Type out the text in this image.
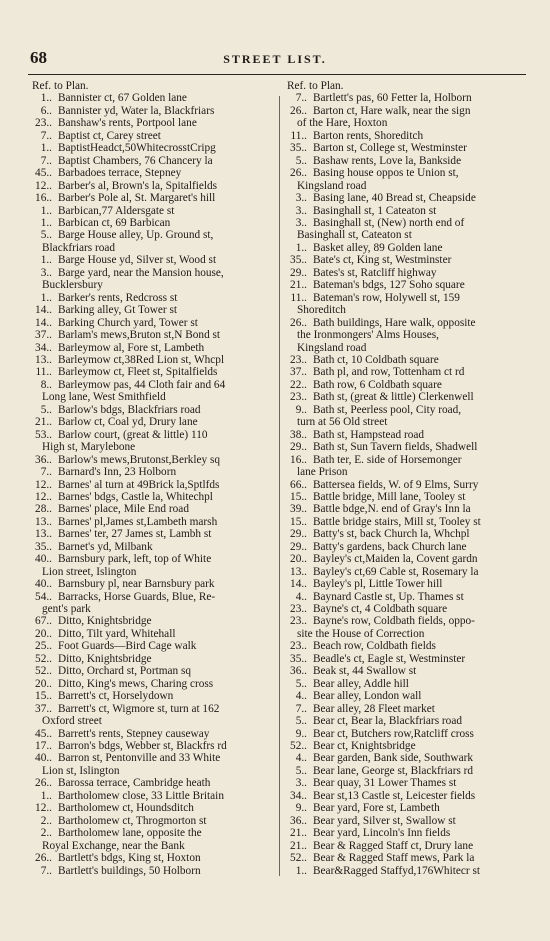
68	STREET LIST.
Ref. to Plan.
1.. Bannister ct, 67 Golden lane
6.. Bannister yd, Water la, Blackfriars
23.. Banshaw's rents, Portpool lane
7.. Baptist ct, Carey street
1.. BaptistHeadct,50WhitecrosstCripg
7.. Baptist Chambers, 76 Chancery la
45.. Barbadoes terrace, Stepney
12.. Barber's al, Brown's la, Spitalfields
16.. Barber's Pole al, St. Margaret's hill
1.. Barbican,77 Aldersgate st
1.. Barbican ct, 69 Barbican
5.. Barge House alley, Up. Ground st,
Blackfriars road
1.. Barge House yd, Silver st, Wood st
3.. Barge yard, near the Mansion house,
Bucklersbury
1.. Barker's rents, Redcross st
14.. Barking alley, Gt Tower st
14.. Barking Church yard, Tower st
37.. Barlam's mews,Bruton st,N Bond st
34.. Barleymow al, Fore st, Lambeth
13.. Barleymow ct,38Red Lion st, Whcpl
11.. Barleymow ct, Fleet st, Spitalfields
8.. Barleymow pas, 44 Cloth fair and 64
Long lane, West Smithfield
5.. Barlow's bdgs, Blackfriars road
21.. Barlow ct, Coal yd, Drury lane
53.. Barlow court, (great & little) 110
High st, Marylebone
36.. Barlow's mews,Brutonst,Berkley sq
7.. Barnard's Inn, 23 Holborn
12.. Barnes' al turn at 49Brick la,Sptlfds
12.. Barnes' bdgs, Castle la, Whitechpl
28.. Barnes' place, Mile End road
13.. Barnes' pl,James st,Lambeth marsh
13.. Barnes' ter, 27 James st, Lambh st
35.. Barnet's yd, Milbank
40.. Barnsbury park, left, top of White
Lion street, Islington
40.. Barnsbury pl, near Barnsbury park
54.. Barracks, Horse Guards, Blue, Re-
gent's park
67.. Ditto, Knightsbridge
20.. Ditto, Tilt yard, Whitehall
25.. Foot Guards—Bird Cage walk
52.. Ditto, Knightsbridge
52.. Ditto, Orchard st, Portman sq
20.. Ditto, King's mews, Charing cross
15.. Barrett's ct, Horselydown
37.. Barrett's ct, Wigmore st, turn at 162
Oxford street
45.. Barrett's rents, Stepney causeway
17.. Barron's bdgs, Webber st, Blackfrs rd
40.. Barron st, Pentonville and 33 White
Lion st, Islington
26.. Barossa terrace, Cambridge heath
1.. Bartholomew close, 33 Little Britain
12.. Bartholomew ct, Houndsditch
2.. Bartholomew ct, Throgmorton st
2.. Bartholomew lane, opposite the
Royal Exchange, near the Bank
26.. Bartlett's bdgs, King st, Hoxton
7.. Bartlett's buildings, 50 Holborn
Ref. to Plan.
7.. Bartlett's pas, 60 Fetter la, Holborn
26.. Barton ct, Hare walk, near the sign
of the Hare, Hoxton
11.. Barton rents, Shoreditch
35.. Barton st, College st, Westminster
5.. Bashaw rents, Love la, Bankside
26.. Basing house oppos te Union st,
Kingsland road
3.. Basing lane, 40 Bread st, Cheapside
3.. Basinghall st, 1 Cateaton st
3.. Basinghall st, (New) north end of
Basinghall st, Cateaton st
1.. Basket alley, 89 Golden lane
35.. Bate's ct, King st, Westminster
29.. Bates's st, Ratcliff highway
21.. Bateman's bdgs, 127 Soho square
11.. Bateman's row, Holywell st, 159
Shoreditch
26.. Bath buildings, Hare walk, opposite
the Ironmongers' Alms Houses,
Kingsland road
23.. Bath ct, 10 Coldbath square
37.. Bath pl, and row, Tottenham ct rd
22.. Bath row, 6 Coldbath square
23.. Bath st, (great & little) Clerkenwell
9.. Bath st, Peerless pool, City road,
turn at 56 Old street
38.. Bath st, Hampstead road
29.. Bath st, Sun Tavern fields, Shadwell
16.. Bath ter, E. side of Horsemonger
lane Prison
66.. Battersea fields, W. of 9 Elms, Surry
15.. Battle bridge, Mill lane, Tooley st
39.. Battle bdge,N. end of Gray's Inn la
15.. Battle bridge stairs, Mill st, Tooley st
29.. Batty's st, back Church la, Whchpl
29.. Batty's gardens, back Church lane
20.. Bayley's ct,Maiden la, Covent gardn
13.. Bayley's ct,69 Cable st, Rosemary la
14.. Bayley's pl, Little Tower hill
4.. Baynard Castle st, Up. Thames st
23.. Bayne's ct, 4 Coldbath square
23.. Bayne's row, Coldbath fields, oppo-
site the House of Correction
23.. Beach row, Coldbath fields
35.. Beadle's ct, Eagle st, Westminster
36.. Beak st, 44 Swallow st
5.. Bear alley, Addle hill
4.. Bear alley, London wall
7.. Bear alley, 28 Fleet market
5.. Bear ct, Bear la, Blackfriars road
9.. Bear ct, Butchers row,Ratcliff cross
52.. Bear ct, Knightsbridge
4.. Bear garden, Bank side, Southwark
5.. Bear lane, George st, Blackfriars rd
3.. Bear quay, 31 Lower Thames st
34.. Bear st,13 Castle st, Leicester fields
9.. Bear yard, Fore st, Lambeth
36.. Bear yard, Silver st, Swallow st
21.. Bear yard, Lincoln's Inn fields
21.. Bear & Ragged Staff ct, Drury lane
52.. Bear & Ragged Staff mews, Park la
1.. Bear&Ragged Staffyd,176Whitecr st
